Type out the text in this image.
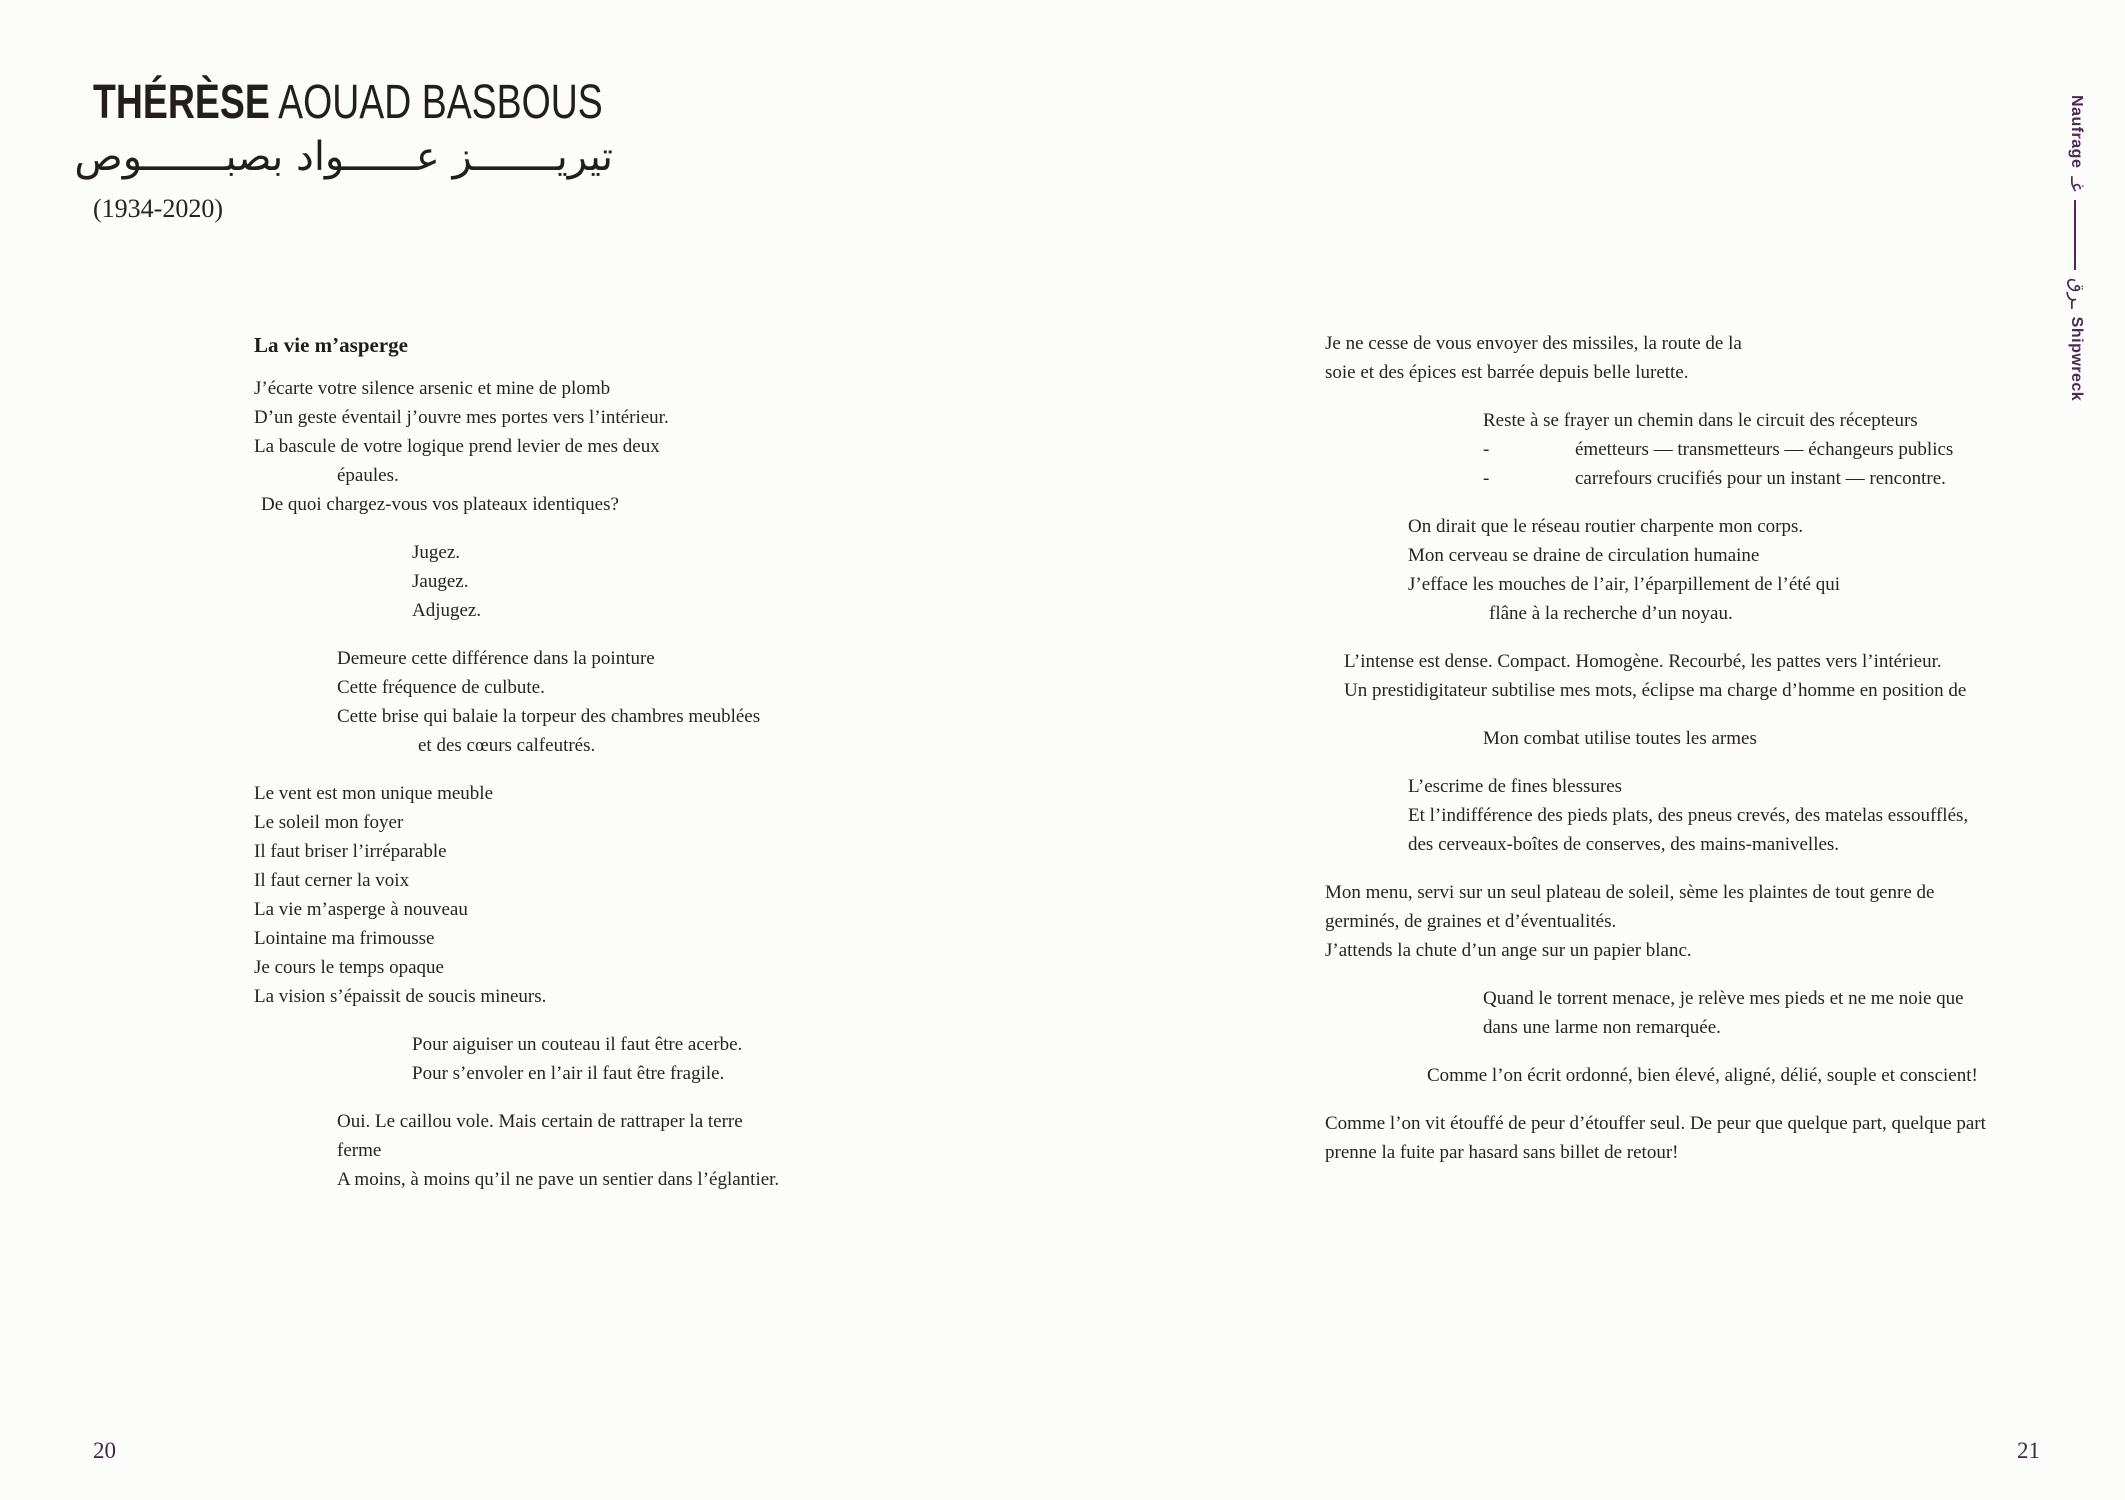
THÉRÈSE AOUAD BASBOUS
تيريـــــــز عــــــواد بصبـــــــوص
(1934-2020)
Naufrage
غـ
ـرق
Shipwreck
La vie m’asperge
J’écarte votre silence arsenic et mine de plomb
D’un geste éventail j’ouvre mes portes vers l’intérieur.
La bascule de votre logique prend levier de mes deux
épaules.
De quoi chargez-vous vos plateaux identiques?
Jugez.
Jaugez.
Adjugez.
Demeure cette différence dans la pointure
Cette fréquence de culbute.
Cette brise qui balaie la torpeur des chambres meublées
et des cœurs calfeutrés.
Le vent est mon unique meuble
Le soleil mon foyer
Il faut briser l’irréparable
Il faut cerner la voix
La vie m’asperge à nouveau
Lointaine ma frimousse
Je cours le temps opaque
La vision s’épaissit de soucis mineurs.
Pour aiguiser un couteau il faut être acerbe.
Pour s’envoler en l’air il faut être fragile.
Oui. Le caillou vole. Mais certain de rattraper la terre
ferme
A moins, à moins qu’il ne pave un sentier dans l’églantier.
Je ne cesse de vous envoyer des missiles, la route de la
soie et des épices est barrée depuis belle lurette.
Reste à se frayer un chemin dans le circuit des récepteurs
-	émetteurs — transmetteurs — échangeurs publics
-	carrefours crucifiés pour un instant — rencontre.
On dirait que le réseau routier charpente mon corps.
Mon cerveau se draine de circulation humaine
J’efface les mouches de l’air, l’éparpillement de l’été qui
flâne à la recherche d’un noyau.
L’intense est dense. Compact. Homogène. Recourbé, les pattes vers l’intérieur.
Un prestidigitateur subtilise mes mots, éclipse ma charge d’homme en position de
Mon combat utilise toutes les armes
L’escrime de fines blessures
Et l’indifférence des pieds plats, des pneus crevés, des matelas essoufflés,
des cerveaux-boîtes de conserves, des mains-manivelles.
Mon menu, servi sur un seul plateau de soleil, sème les plaintes de tout genre de
germinés, de graines et d’éventualités.
J’attends la chute d’un ange sur un papier blanc.
Quand le torrent menace, je relève mes pieds et ne me noie que
dans une larme non remarquée.
Comme l’on écrit ordonné, bien élevé, aligné, délié, souple et conscient!
Comme l’on vit étouffé de peur d’étouffer seul. De peur que quelque part, quelque part
prenne la fuite par hasard sans billet de retour!
20	21
